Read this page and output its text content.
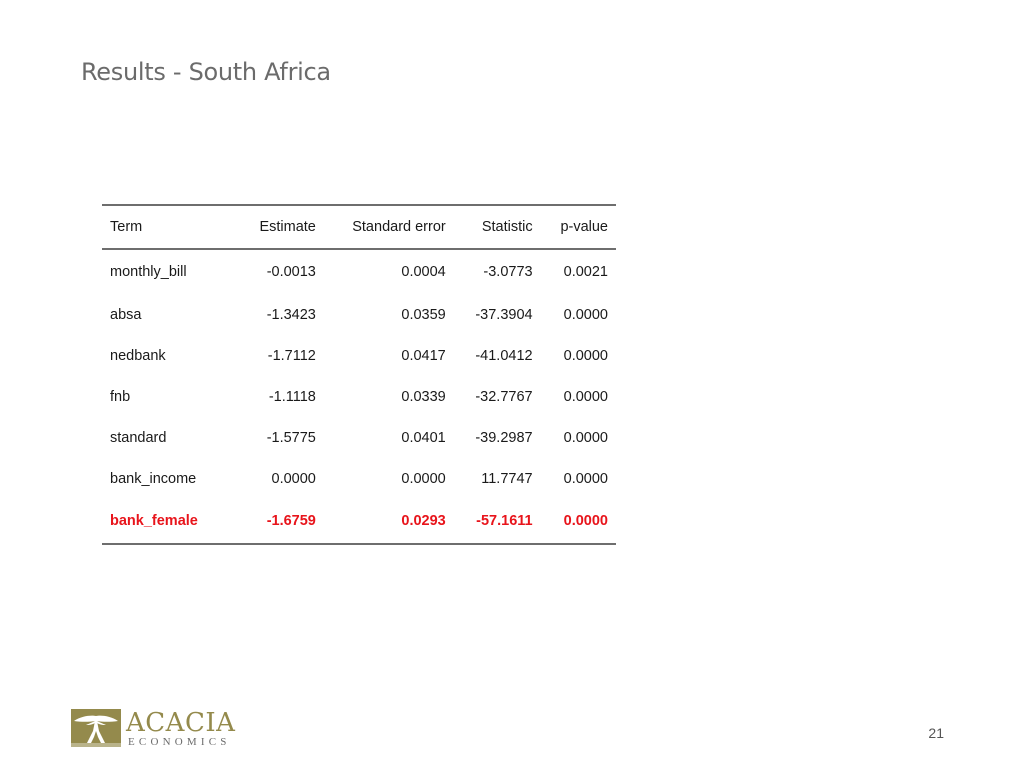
Results - South Africa
Term	Estimate	Standard error	Statistic	p-value
monthly_bill	-0.0013	0.0004	-3.0773	0.0021
absa	-1.3423	0.0359	-37.3904	0.0000
nedbank	-1.7112	0.0417	-41.0412	0.0000
fnb	-1.1118	0.0339	-32.7767	0.0000
standard	-1.5775	0.0401	-39.2987	0.0000
bank_income	0.0000	0.0000	11.7747	0.0000
bank_female	-1.6759	0.0293	-57.1611	0.0000
ACACIA
ECONOMICS
21
